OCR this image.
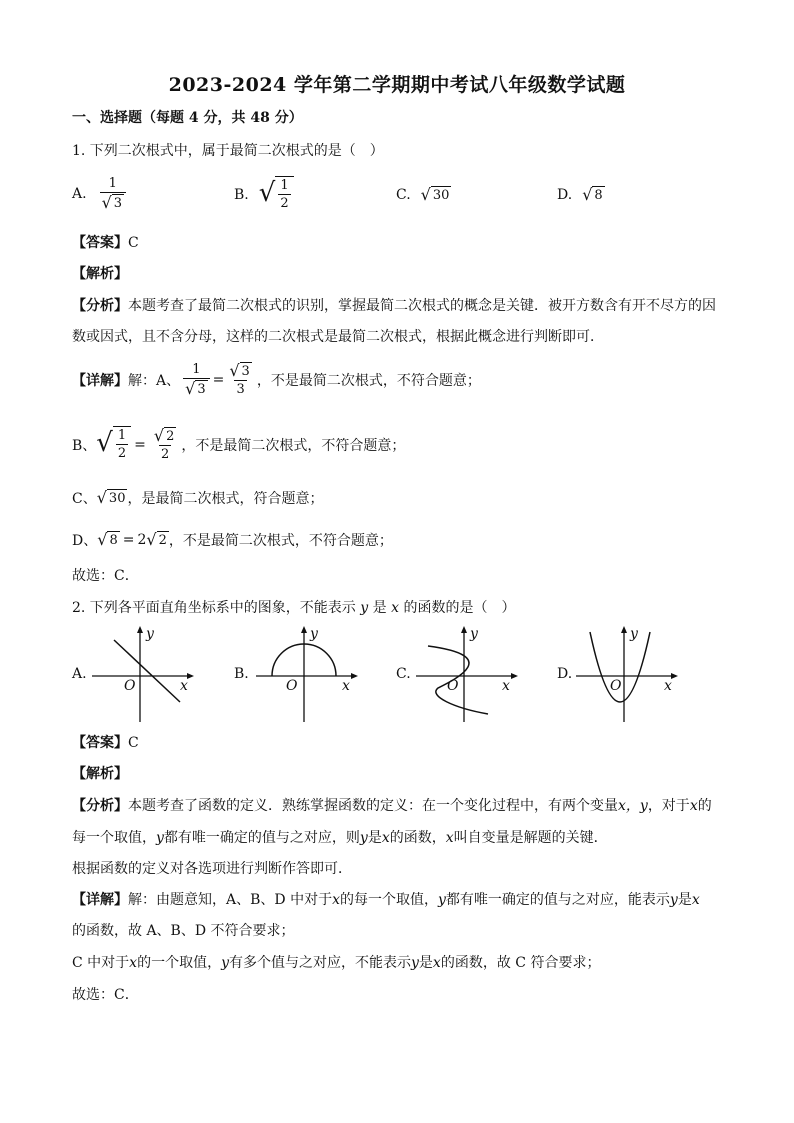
2023-2024 学年第二学期期中考试八年级数学试题
一、选择题（每题 4 分，共 48 分）
1. 下列二次根式中，属于最简二次根式的是（　）
A. $\frac{1}{√ 3}$	B. √ $\frac{1}{2}$	C. √ 30	D. √ 8
【答案】C
【解析】
【分析】本题考查了最简二次根式的识别，掌握最简二次根式的概念是关键．被开方数含有开不尽方的因
数或因式，且不含分母，这样的二次根式是最简二次根式，根据此概念进行判断即可．
【详解】 解：A、 $\frac{1}{√ 3} = \frac{√ 3}{3}$ ，不是最简二次根式，不符合题意；
B、 √ $\frac{1}{2} = \frac{√ 2}{2}$ ，不是最简二次根式，不符合题意；
C、 √ 30 ，是最简二次根式，符合题意；
D、 √ 8 = 2 √ 2 ，不是最简二次根式，不符合题意；
故选：C．
2. 下列各平面直角坐标系中的图象，不能表示 y 是 x 的函数的是（　）
A.
y
x
O
B.
y
x
O
C.
y
x
O
D.
y
x
O
【答案】C
【解析】
【分析】本题考查了函数的定义．熟练掌握函数的定义：在一个变化过程中，有两个变量x，y，对于x的
每一个取值，y都有唯一确定的值与之对应，则y是x的函数，x叫自变量是解题的关键．
根据函数的定义对各选项进行判断作答即可．
【详解】解：由题意知，A、B、D 中对于x的每一个取值，y都有唯一确定的值与之对应，能表示y是x
的函数，故 A、B、D 不符合要求；
C 中对于x的一个取值，y有多个值与之对应，不能表示y是x的函数，故 C 符合要求；
故选：C．
